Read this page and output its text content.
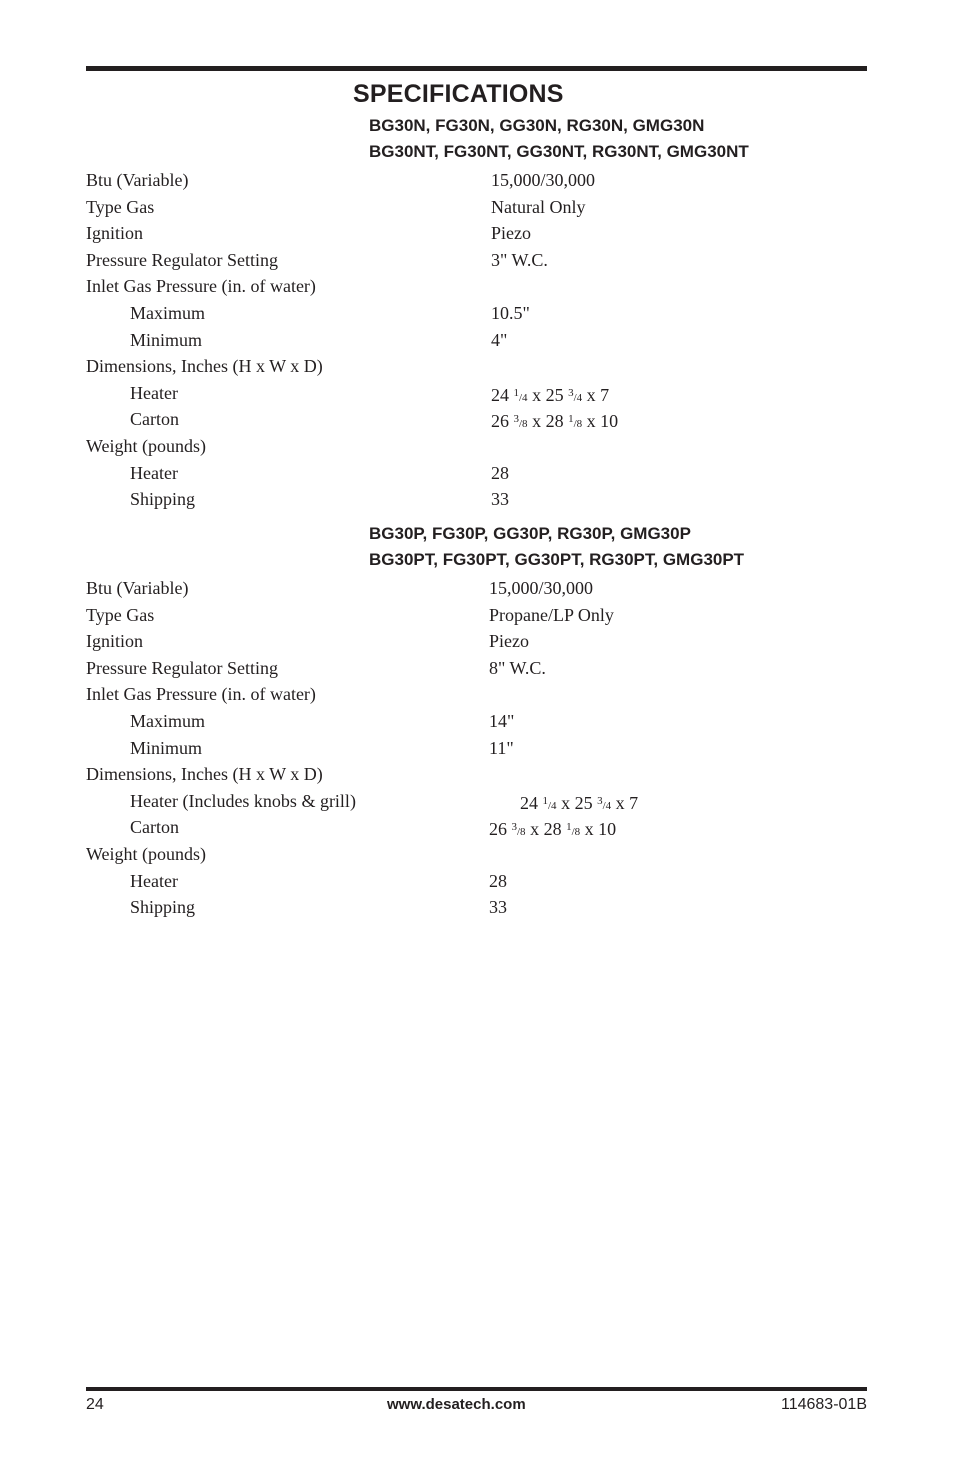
SPECIFICATIONS
BG30N, FG30N, GG30N, RG30N, GMG30N
BG30NT, FG30NT, GG30NT, RG30NT, GMG30NT
Btu (Variable)	15,000/30,000
Type Gas	Natural Only
Ignition	Piezo
Pressure Regulator Setting	3" W.C.
Inlet Gas Pressure (in. of water)
Maximum	10.5"
Minimum	4"
Dimensions, Inches (H x W x D)
Heater	24 $^1$/4 x 25 $^3$/4 x 7
Carton	26 $^3$/8 x 28 $^1$/8 x 10
Weight (pounds)
Heater	28
Shipping	33
BG30P, FG30P, GG30P, RG30P, GMG30P
BG30PT, FG30PT, GG30PT, RG30PT, GMG30PT
Btu (Variable)	15,000/30,000
Type Gas	Propane/LP Only
Ignition	Piezo
Pressure Regulator Setting	8" W.C.
Inlet Gas Pressure (in. of water)
Maximum	14"
Minimum	11"
Dimensions, Inches (H x W x D)
Heater (Includes knobs & grill)	24 $^1$/4 x 25 $^3$/4 x 7
Carton	26 $^3$/8 x 28 $^1$/8 x 10
Weight (pounds)
Heater	28
Shipping	33
24	www.desatech.com	114683-01B
